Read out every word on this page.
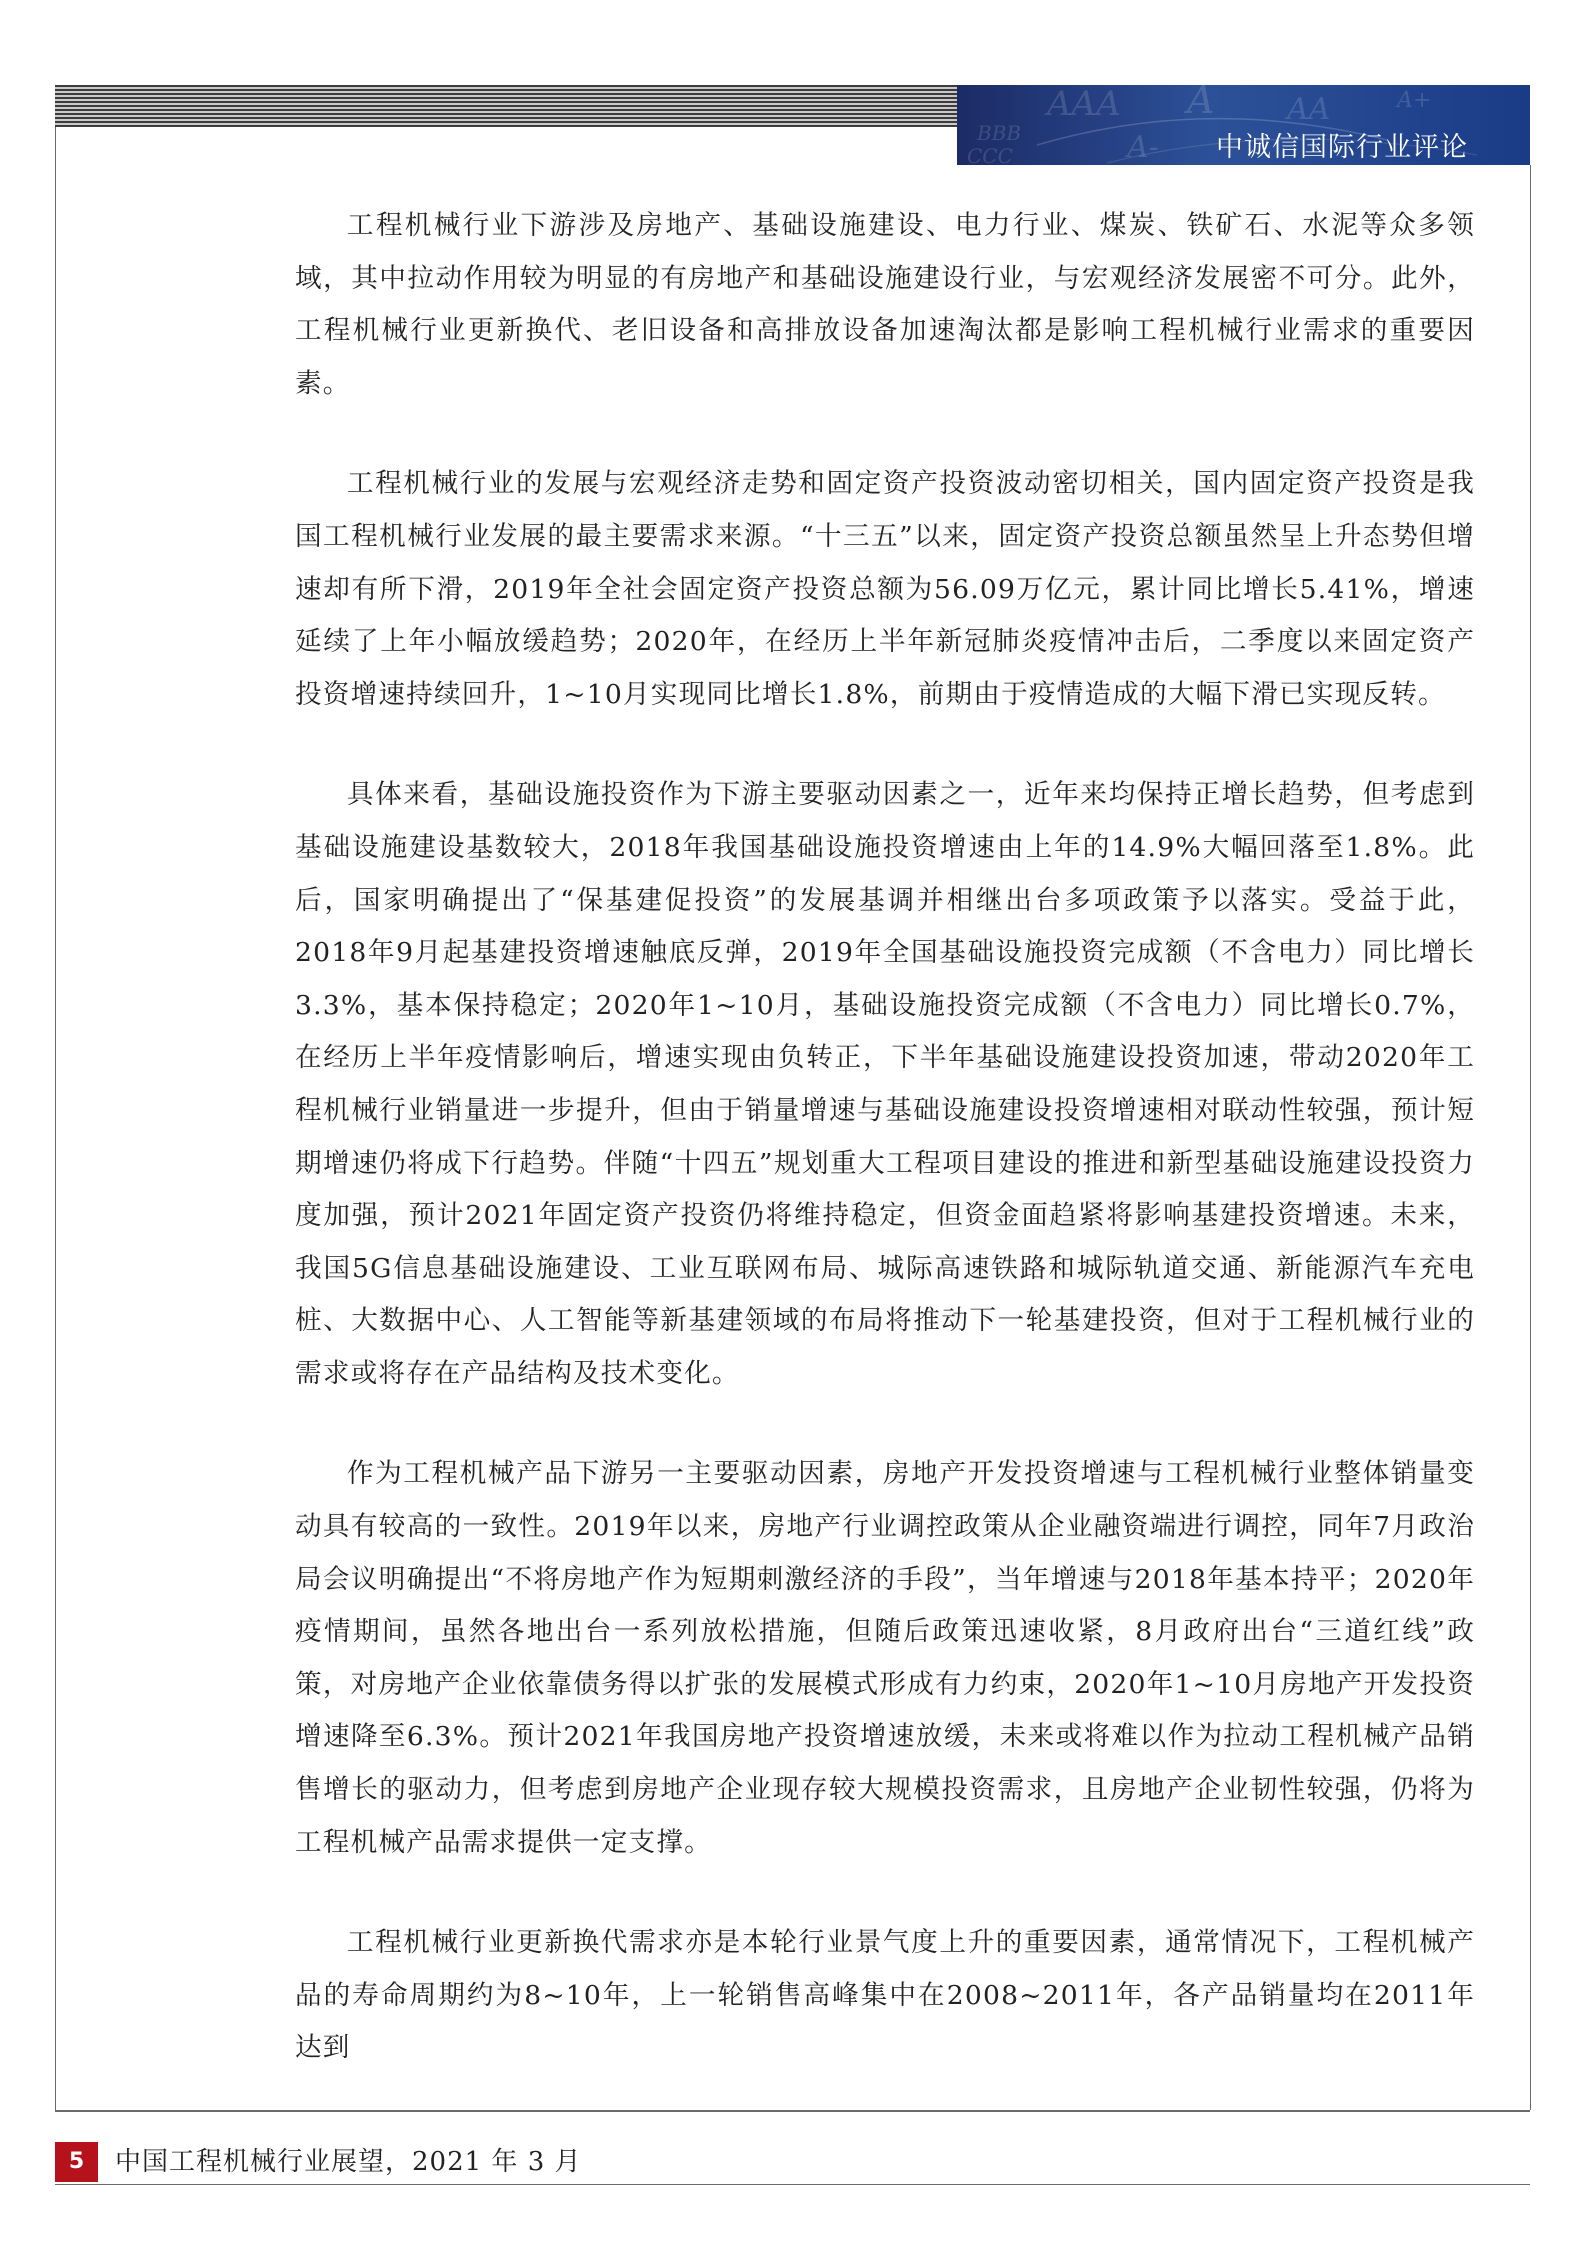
AAA A
BBB
CCC
AA
A-
A+
中诚信国际行业评论

工程机械行业下游涉及房地产、基础设施建设、电力行业、煤炭、铁矿石、水泥等众多领域，其中拉动作用较为明显的有房地产和基础设施建设行业，与宏观经济发展密不可分。此外，工程机械行业更新换代、老旧设备和高排放设备加速淘汰都是影响工程机械行业需求的重要因素。

工程机械行业的发展与宏观经济走势和固定资产投资波动密切相关，国内固定资产投资是我国工程机械行业发展的最主要需求来源。“十三五”以来，固定资产投资总额虽然呈上升态势但增速却有所下滑，2019年全社会固定资产投资总额为56.09万亿元，累计同比增长5.41%，增速延续了上年小幅放缓趋势；2020年，在经历上半年新冠肺炎疫情冲击后，二季度以来固定资产投资增速持续回升，1~10月实现同比增长1.8%，前期由于疫情造成的大幅下滑已实现反转。

具体来看，基础设施投资作为下游主要驱动因素之一，近年来均保持正增长趋势，但考虑到基础设施建设基数较大，2018年我国基础设施投资增速由上年的14.9%大幅回落至1.8%。此后，国家明确提出了“保基建促投资”的发展基调并相继出台多项政策予以落实。受益于此，2018年9月起基建投资增速触底反弹，2019年全国基础设施投资完成额（不含电力）同比增长3.3%，基本保持稳定；2020年1~10月，基础设施投资完成额（不含电力）同比增长0.7%，在经历上半年疫情影响后，增速实现由负转正，下半年基础设施建设投资加速，带动2020年工程机械行业销量进一步提升，但由于销量增速与基础设施建设投资增速相对联动性较强，预计短期增速仍将成下行趋势。伴随“十四五”规划重大工程项目建设的推进和新型基础设施建设投资力度加强，预计2021年固定资产投资仍将维持稳定，但资金面趋紧将影响基建投资增速。未来，我国5G信息基础设施建设、工业互联网布局、城际高速铁路和城际轨道交通、新能源汽车充电桩、大数据中心、人工智能等新基建领域的布局将推动下一轮基建投资，但对于工程机械行业的需求或将存在产品结构及技术变化。

作为工程机械产品下游另一主要驱动因素，房地产开发投资增速与工程机械行业整体销量变动具有较高的一致性。2019年以来，房地产行业调控政策从企业融资端进行调控，同年7月政治局会议明确提出“不将房地产作为短期刺激经济的手段”，当年增速与2018年基本持平；2020年疫情期间，虽然各地出台一系列放松措施，但随后政策迅速收紧，8月政府出台“三道红线”政策，对房地产企业依靠债务得以扩张的发展模式形成有力约束，2020年1~10月房地产开发投资增速降至6.3%。预计2021年我国房地产投资增速放缓，未来或将难以作为拉动工程机械产品销售增长的驱动力，但考虑到房地产企业现存较大规模投资需求，且房地产企业韧性较强，仍将为工程机械产品需求提供一定支撑。

工程机械行业更新换代需求亦是本轮行业景气度上升的重要因素，通常情况下，工程机械产品的寿命周期约为8~10年，上一轮销售高峰集中在2008~2011年，各产品销量均在2011年达到

5	中国工程机械行业展望，2021 年 3 月
